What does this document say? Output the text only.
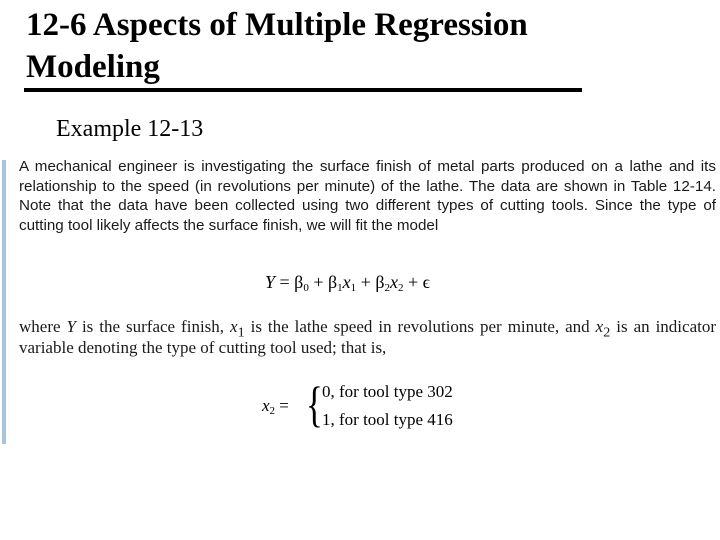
12-6 Aspects of Multiple Regression Modeling
Example 12-13
A mechanical engineer is investigating the surface finish of metal parts produced on a lathe and its relationship to the speed (in revolutions per minute) of the lathe. The data are shown in Table 12-14. Note that the data have been collected using two different types of cutting tools. Since the type of cutting tool likely affects the surface finish, we will fit the model
$Y = \beta_0 + \beta_1x_1 + \beta_2x_2 + \epsilon$
where Y is the surface finish, $x_1$ is the lathe speed in revolutions per minute, and $x_2$ is an indicator variable denoting the type of cutting tool used; that is,
$x_2$ = { 0, for tool type 302
1, for tool type 416
